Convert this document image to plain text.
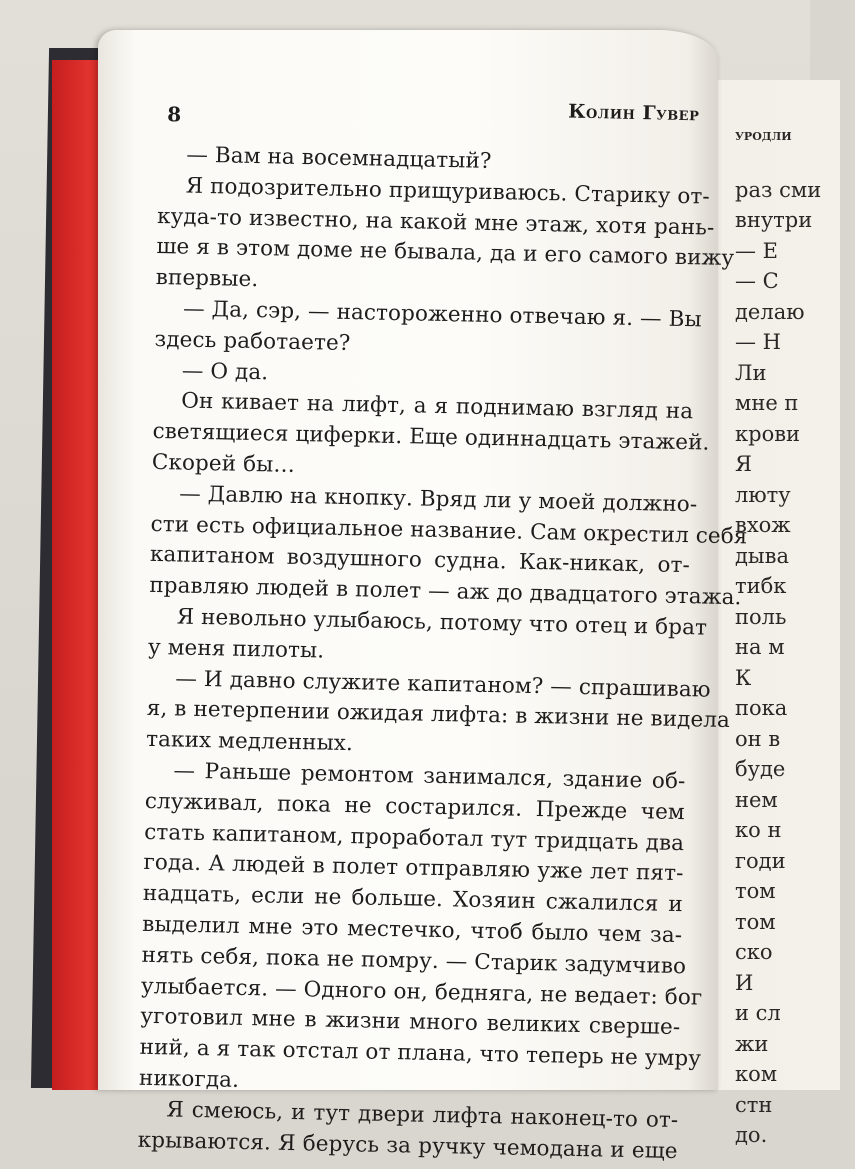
уродли
раз сми
внутри
— Е
— С
делаю
— Н
Ли
мне п
крови
Я
люту
вхож
дыва
тибк
поль
на м
К
пока
он в
буде
нем
ко н
годи
том
том
ско
И
и сл
жи
ком
стн
до.
8	Колин Гувер
— Вам на восемнадцатый?
Я подозрительно прищуриваюсь. Старику от-
куда-то известно, на какой мне этаж, хотя рань-
ше я в этом доме не бывала, да и его самого вижу
впервые.
— Да, сэр, — настороженно отвечаю я. — Вы
здесь работаете?
— О да.
Он кивает на лифт, а я поднимаю взгляд на
светящиеся циферки. Еще одиннадцать этажей.
Скорей бы…
— Давлю на кнопку. Вряд ли у моей должно-
сти есть официальное название. Сам окрестил себя
капитаном воздушного судна. Как-никак, от-
правляю людей в полет — аж до двадцатого этажа.
Я невольно улыбаюсь, потому что отец и брат
у меня пилоты.
— И давно служите капитаном? — спрашиваю
я, в нетерпении ожидая лифта: в жизни не видела
таких медленных.
— Раньше ремонтом занимался, здание об-
служивал, пока не состарился. Прежде чем
стать капитаном, проработал тут тридцать два
года. А людей в полет отправляю уже лет пят-
надцать, если не больше. Хозяин сжалился и
выделил мне это местечко, чтоб было чем за-
нять себя, пока не помру. — Старик задумчиво
улыбается. — Одного он, бедняга, не ведает: бог
уготовил мне в жизни много великих сверше-
ний, а я так отстал от плана, что теперь не умру
никогда.
Я смеюсь, и тут двери лифта наконец-то от-
крываются. Я берусь за ручку чемодана и еще
